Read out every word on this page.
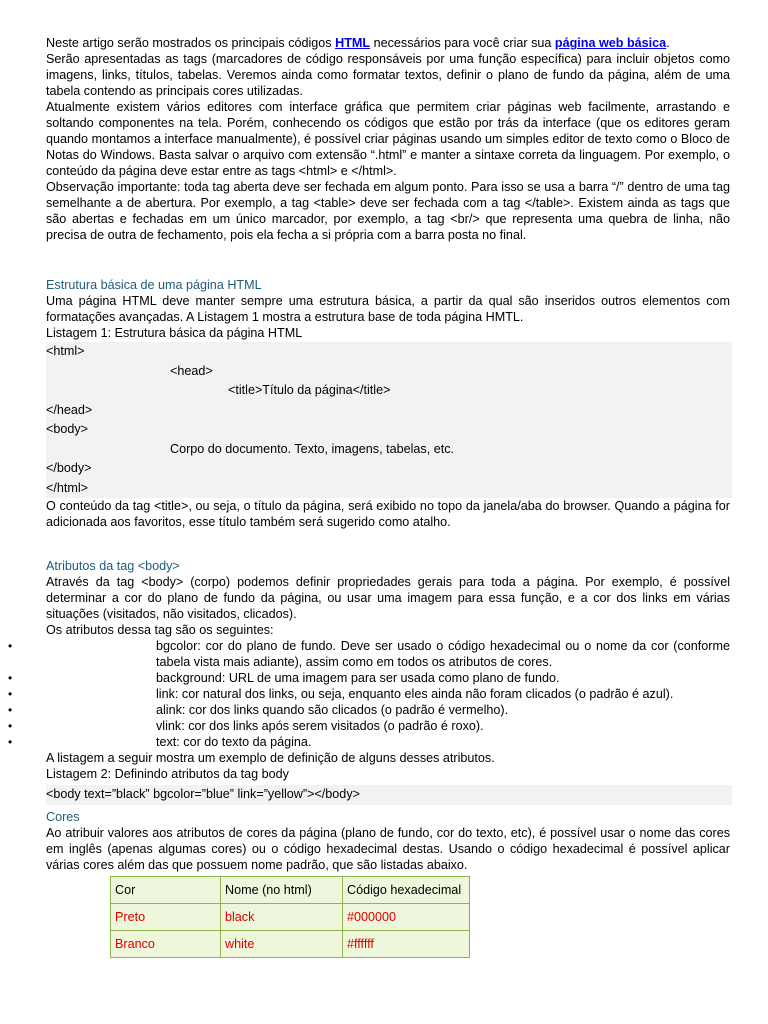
Neste artigo serão mostrados os principais códigos HTML necessários para você criar sua página web básica.

Serão apresentadas as tags (marcadores de código responsáveis por uma função específica) para incluir objetos como imagens, links, títulos, tabelas. Veremos ainda como formatar textos, definir o plano de fundo da página, além de uma tabela contendo as principais cores utilizadas.

Atualmente existem vários editores com interface gráfica que permitem criar páginas web facilmente, arrastando e soltando componentes na tela. Porém, conhecendo os códigos que estão por trás da interface (que os editores geram quando montamos a interface manualmente), é possível criar páginas usando um simples editor de texto como o Bloco de Notas do Windows. Basta salvar o arquivo com extensão “.html” e manter a sintaxe correta da linguagem. Por exemplo, o conteúdo da página deve estar entre as tags <html> e </html>.

Observação importante: toda tag aberta deve ser fechada em algum ponto. Para isso se usa a barra “/” dentro de uma tag semelhante a de abertura. Por exemplo, a tag <table> deve ser fechada com a tag </table>. Existem ainda as tags que são abertas e fechadas em um único marcador, por exemplo, a tag <br/> que representa uma quebra de linha, não precisa de outra de fechamento, pois ela fecha a si própria com a barra posta no final.

Estrutura básica de uma página HTML

Uma página HTML deve manter sempre uma estrutura básica, a partir da qual são inseridos outros elementos com formatações avançadas. A Listagem 1 mostra a estrutura base de toda página HMTL.

Listagem 1: Estrutura básica da página HTML

<html>
<head>
<title>Título da página</title>
</head>
<body>
Corpo do documento. Texto, imagens, tabelas, etc.
</body>
</html>

O conteúdo da tag <title>, ou seja, o título da página, será exibido no topo da janela/aba do browser. Quando a página for adicionada aos favoritos, esse título também será sugerido como atalho.

Atributos da tag <body>

Através da tag <body> (corpo) podemos definir propriedades gerais para toda a página. Por exemplo, é possível determinar a cor do plano de fundo da página, ou usar uma imagem para essa função, e a cor dos links em várias situações (visitados, não visitados, clicados).

Os atributos dessa tag são os seguintes:

• bgcolor: cor do plano de fundo. Deve ser usado o código hexadecimal ou o nome da cor (conforme tabela vista mais adiante), assim como em todos os atributos de cores.
• background: URL de uma imagem para ser usada como plano de fundo.
• link: cor natural dos links, ou seja, enquanto eles ainda não foram clicados (o padrão é azul).
• alink: cor dos links quando são clicados (o padrão é vermelho).
• vlink: cor dos links após serem visitados (o padrão é roxo).
• text: cor do texto da página.

A listagem a seguir mostra um exemplo de definição de alguns desses atributos.

Listagem 2: Definindo atributos da tag body

<body text=”black” bgcolor=”blue” link=”yellow”></body>
Cores

Ao atribuir valores aos atributos de cores da página (plano de fundo, cor do texto, etc), é possível usar o nome das cores em inglês (apenas algumas cores) ou o código hexadecimal destas. Usando o código hexadecimal é possível aplicar várias cores além das que possuem nome padrão, que são listadas abaixo.

Cor	Nome (no html)	Código hexadecimal
Preto	black	#000000
Branco	white	#ffffff
